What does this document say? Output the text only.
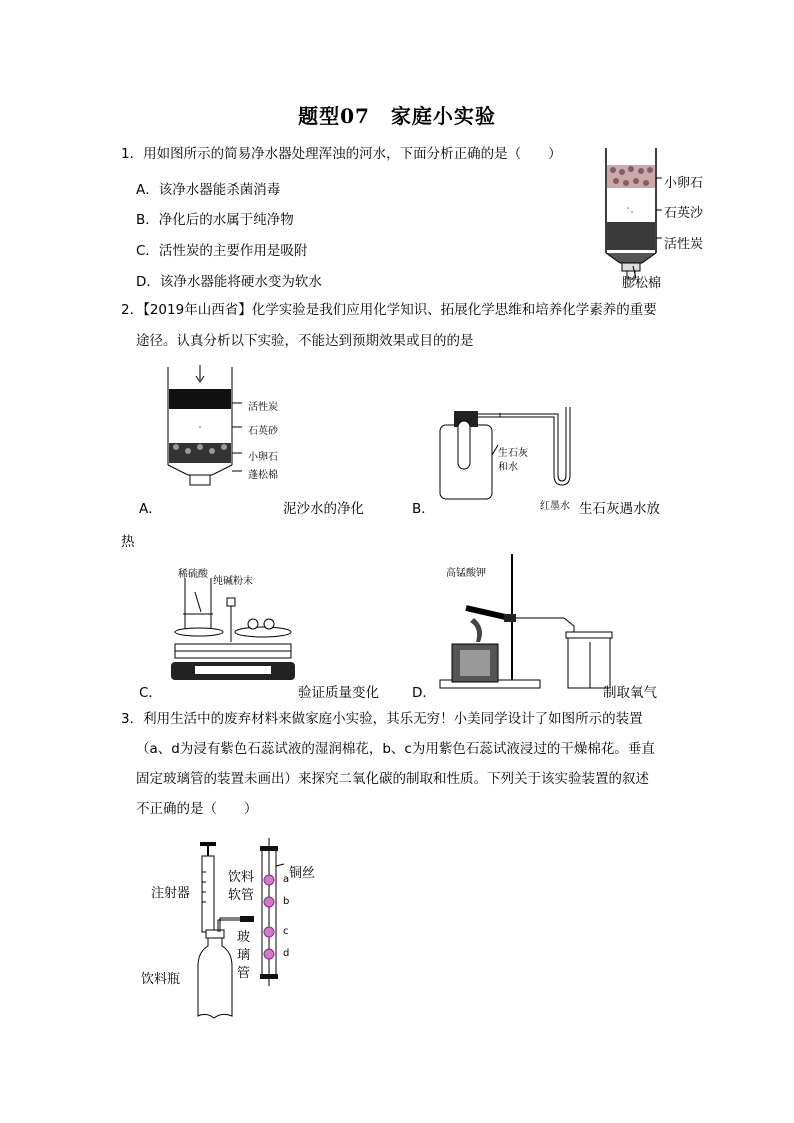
题型07　家庭小实验
1．用如图所示的简易净水器处理浑浊的河水，下面分析正确的是（　　）
A．该净水器能杀菌消毒
B．净化后的水属于纯净物
C．活性炭的主要作用是吸附
D．该净水器能将硬水变为软水
小卵石
石英沙
活性炭
膨松棉
2．【2019年山西省】化学实验是我们应用化学知识、拓展化学思维和培养化学素养的重要
途径。认真分析以下实验，不能达到预期效果或目的的是
活性炭
石英砂
小卵石
蓬松棉
A．	泥沙水的净化
生石灰
和水
红墨水
B．	生石灰遇水放
热
稀硫酸
纯碱粉末
C．	验证质量变化
高锰酸钾
D．	制取氧气
3．利用生活中的废弃材料来做家庭小实验，其乐无穷！小美同学设计了如图所示的装置
（a、d为浸有紫色石蕊试液的湿润棉花，b、c为用紫色石蕊试液浸过的干燥棉花。垂直
固定玻璃管的装置未画出）来探究二氧化碳的制取和性质。下列关于该实验装置的叙述
不正确的是（　　）
注射器
饮料
软管
铜丝
玻
璃
管
饮料瓶
a
b
c
d
